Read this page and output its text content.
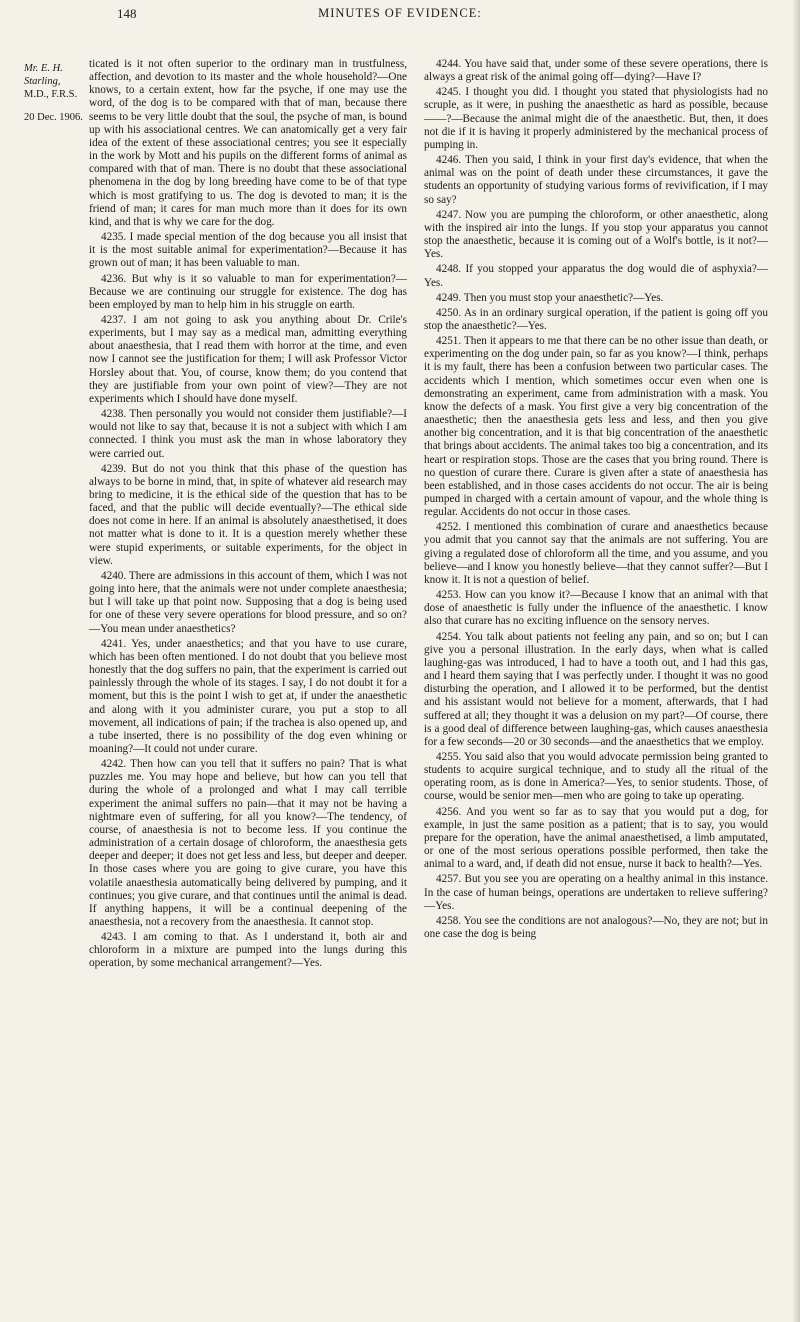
148	MINUTES OF EVIDENCE:
Mr. E. H. Starling,
M.D., F.R.S.
20 Dec. 1906.

ticated is it not often superior to the ordinary man in trustfulness, affection, and devotion to its master and the whole household?—One knows, to a certain extent, how far the psyche, if one may use the word, of the dog is to be compared with that of man, because there seems to be very little doubt that the soul, the psyche of man, is bound up with his associational centres. We can anatomically get a very fair idea of the extent of these associational centres; you see it especially in the work by Mott and his pupils on the different forms of animal as compared with that of man. There is no doubt that these associational phenomena in the dog by long breeding have come to be of that type which is most gratifying to us. The dog is devoted to man; it is the friend of man; it cares for man much more than it does for its own kind, and that is why we care for the dog.

4235. I made special mention of the dog because you all insist that it is the most suitable animal for experimentation?—Because it has grown out of man; it has been valuable to man.

4236. But why is it so valuable to man for experimentation?—Because we are continuing our struggle for existence. The dog has been employed by man to help him in his struggle on earth.

4237. I am not going to ask you anything about Dr. Crile's experiments, but I may say as a medical man, admitting everything about anaesthesia, that I read them with horror at the time, and even now I cannot see the justification for them; I will ask Professor Victor Horsley about that. You, of course, know them; do you contend that they are justifiable from your own point of view?—They are not experiments which I should have done myself.

4238. Then personally you would not consider them justifiable?—I would not like to say that, because it is not a subject with which I am connected. I think you must ask the man in whose laboratory they were carried out.

4239. But do not you think that this phase of the question has always to be borne in mind, that, in spite of whatever aid research may bring to medicine, it is the ethical side of the question that has to be faced, and that the public will decide eventually?—The ethical side does not come in here. If an animal is absolutely anaesthetised, it does not matter what is done to it. It is a question merely whether these were stupid experiments, or suitable experiments, for the object in view.

4240. There are admissions in this account of them, which I was not going into here, that the animals were not under complete anaesthesia; but I will take up that point now. Supposing that a dog is being used for one of these very severe operations for blood pressure, and so on?—You mean under anaesthetics?

4241. Yes, under anaesthetics; and that you have to use curare, which has been often mentioned. I do not doubt that you believe most honestly that the dog suffers no pain, that the experiment is carried out painlessly through the whole of its stages. I say, I do not doubt it for a moment, but this is the point I wish to get at, if under the anaesthetic and along with it you administer curare, you put a stop to all movement, all indications of pain; if the trachea is also opened up, and a tube inserted, there is no possibility of the dog even whining or moaning?—It could not under curare.

4242. Then how can you tell that it suffers no pain? That is what puzzles me. You may hope and believe, but how can you tell that during the whole of a prolonged and what I may call terrible experiment the animal suffers no pain—that it may not be having a nightmare even of suffering, for all you know?—The tendency, of course, of anaesthesia is not to become less. If you continue the administration of a certain dosage of chloroform, the anaesthesia gets deeper and deeper; it does not get less and less, but deeper and deeper. In those cases where you are going to give curare, you have this volatile anaesthesia automatically being delivered by pumping, and it continues; you give curare, and that continues until the animal is dead. If anything happens, it will be a continual deepening of the anaesthesia, not a recovery from the anaesthesia. It cannot stop.

4243. I am coming to that. As I understand it, both air and chloroform in a mixture are pumped into the lungs during this operation, by some mechanical arrangement?—Yes.

4244. You have said that, under some of these severe operations, there is always a great risk of the animal going off—dying?—Have I?

4245. I thought you did. I thought you stated that physiologists had no scruple, as it were, in pushing the anaesthetic as hard as possible, because——?—Because the animal might die of the anaesthetic. But, then, it does not die if it is having it properly administered by the mechanical process of pumping in.

4246. Then you said, I think in your first day's evidence, that when the animal was on the point of death under these circumstances, it gave the students an opportunity of studying various forms of revivification, if I may so say?

4247. Now you are pumping the chloroform, or other anaesthetic, along with the inspired air into the lungs. If you stop your apparatus you cannot stop the anaesthetic, because it is coming out of a Wolf's bottle, is it not?—Yes.

4248. If you stopped your apparatus the dog would die of asphyxia?—Yes.

4249. Then you must stop your anaesthetic?—Yes.

4250. As in an ordinary surgical operation, if the patient is going off you stop the anaesthetic?—Yes.

4251. Then it appears to me that there can be no other issue than death, or experimenting on the dog under pain, so far as you know?—I think, perhaps it is my fault, there has been a confusion between two particular cases. The accidents which I mention, which sometimes occur even when one is demonstrating an experiment, came from administration with a mask. You know the defects of a mask. You first give a very big concentration of the anaesthetic; then the anaesthesia gets less and less, and then you give another big concentration, and it is that big concentration of the anaesthetic that brings about accidents. The animal takes too big a concentration, and its heart or respiration stops. Those are the cases that you bring round. There is no question of curare there. Curare is given after a state of anaesthesia has been established, and in those cases accidents do not occur. The air is being pumped in charged with a certain amount of vapour, and the whole thing is regular. Accidents do not occur in those cases.

4252. I mentioned this combination of curare and anaesthetics because you admit that you cannot say that the animals are not suffering. You are giving a regulated dose of chloroform all the time, and you assume, and you believe—and I know you honestly believe—that they cannot suffer?—But I know it. It is not a question of belief.

4253. How can you know it?—Because I know that an animal with that dose of anaesthetic is fully under the influence of the anaesthetic. I know also that curare has no exciting influence on the sensory nerves.

4254. You talk about patients not feeling any pain, and so on; but I can give you a personal illustration. In the early days, when what is called laughing-gas was introduced, I had to have a tooth out, and I had this gas, and I heard them saying that I was perfectly under. I thought it was no good disturbing the operation, and I allowed it to be performed, but the dentist and his assistant would not believe for a moment, afterwards, that I had suffered at all; they thought it was a delusion on my part?—Of course, there is a good deal of difference between laughing-gas, which causes anaesthesia for a few seconds—20 or 30 seconds—and the anaesthetics that we employ.

4255. You said also that you would advocate permission being granted to students to acquire surgical technique, and to study all the ritual of the operating room, as is done in America?—Yes, to senior students. Those, of course, would be senior men—men who are going to take up operating.

4256. And you went so far as to say that you would put a dog, for example, in just the same position as a patient; that is to say, you would prepare for the operation, have the animal anaesthetised, a limb amputated, or one of the most serious operations possible performed, then take the animal to a ward, and, if death did not ensue, nurse it back to health?—Yes.

4257. But you see you are operating on a healthy animal in this instance. In the case of human beings, operations are undertaken to relieve suffering?—Yes.

4258. You see the conditions are not analogous?—No, they are not; but in one case the dog is being
